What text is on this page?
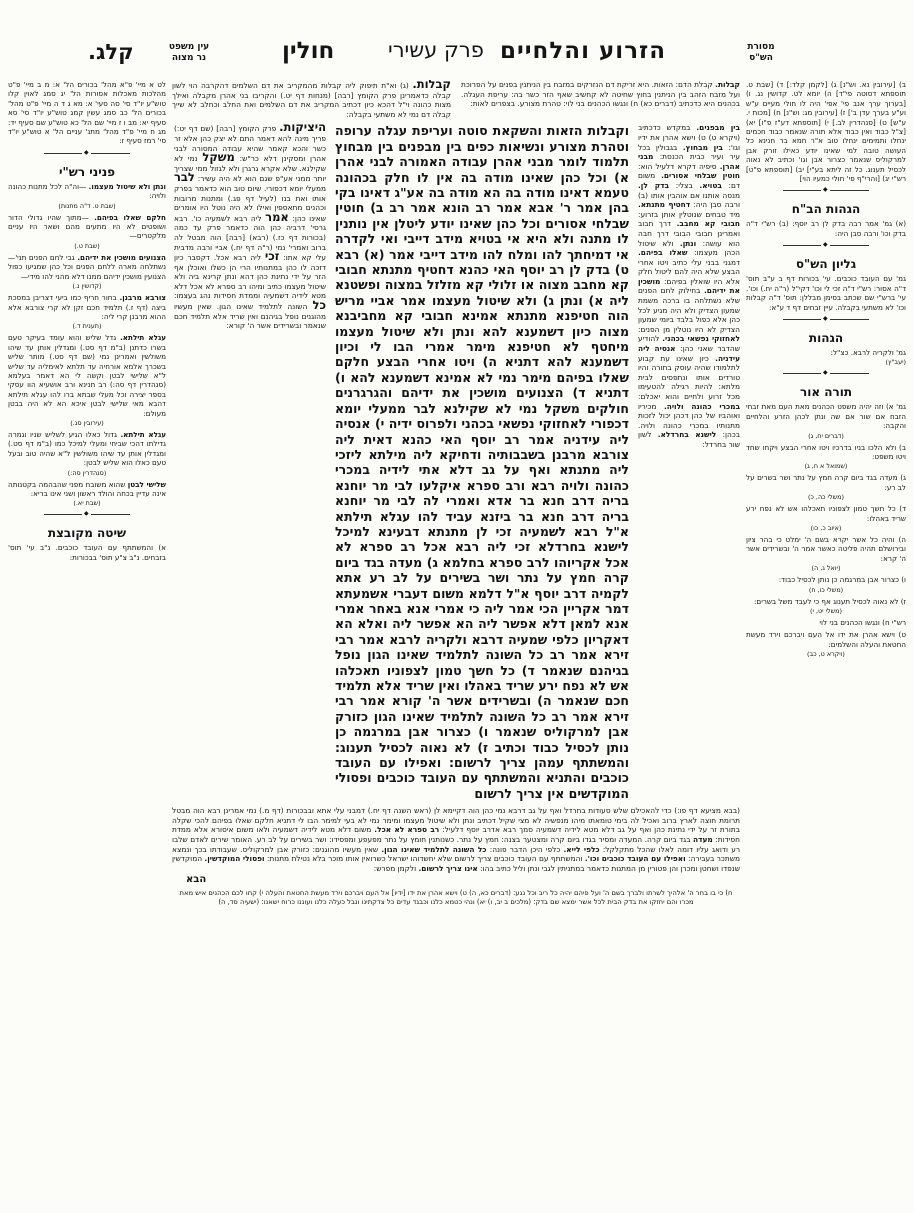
מסורת
הש"ס
הזרוע והלחיים
פרק עשירי
חולין
קלג.	עין משפט
נר מצוה
ב) [עירובין נא. וש"נ] ג) [לקמן קלד:] ד) [שבת ט. תוספתא דסוטה פי"ד] ה) יומא לט. קדושין נג. ו) [בערוך ערך אנב פי' אפי' היה לו חולי מעיים ע"ש וע"ע בערך עדן ב'] ז) [עירובין מג: וש"נ] ח) [מכות י. ע"ש] ט) [סנהדרין לב.] י) [תוספתא דע"ז פ"ו] יא) [צ"ל כבוד ואין כבוד אלא תורה שנאמר כבוד חכמים ינחלו ותמימים ינחלו טוב א"ר חמא בר חנינא כל העושה טובה למי שאינו יודע כאילו זורק אבן למרקוליס שנאמר כצרור אבן וגו' וכתיב לא נאוה לכסיל תענוג. כל זה ליתא בע"י] יב) [תוספתא פ"ט] רש"י יג) [והרי"ף פי' חולי כמעיו הוי]
◆
הגהות הב"ח
(א) גמ' אמר רבה בדק לן רב יוסף: (ב) רש"י ד"ה בדק וכו' ורבה סבן היה:
◆
גליון הש"ס
גמ' עם העובד כוכבים. עי' בכורות דף ב ע"ב תוס' ד"ה אסור: רש"י ד"ה זכי לי וכו' דקי"ל (ר"ה יח.) וכו'. עי' ברש"י שם שכתב בסימן מבללן: תוס' ד"ה קבלות וכו' לא משתעי בקבלה. עיין זבחים דף ד ע"א:
◆
הגהות
גמ' ולקריה לרבא. כצ"ל:
(יעב"ץ)
◆
תורה אור
גמ' א) וזה יהיה משפט הכהנים מאת העם מאת זבחי הזבח אם שור אם שה ונתן לכהן הזרע והלחיים והקבה:
(דברים יח, ג)
ב) ולא הלכו בניו בדרכיו ויטו אחרי הבצע ויקחו שחד ויטו משפט:
(שמואל א ח, ג)
ג) מעדה בגד ביום קרה חמץ על נתר ושר בשרים על לב רע:
(משלי כה, כ)
ד) כל חשך טמון לצפוניו תאכלהו אש לא נפח ירע שריד באהלו:
(איוב כ, כו)
ה) והיה כל אשר יקרא בשם ה' ימלט כי בהר ציון ובירושלם תהיה פליטה כאשר אמר ה' ובשרידים אשר ה' קרא:
(יואל ג, ה)
ו) כצרור אבן במרגמה כן נותן לכסיל כבוד:
(משלי כו, ח)
ז) לא נאוה לכסיל תענוג אף כי לעבד משל בשרים:
(משלי יט, י)
רש"י ח) ונגשו הכהנים בני לוי
ט) וישא אהרן את ידו אל העם ויברכם וירד מעשת החטאת והעלה והשלמים:
(ויקרא ט, כב)
לט א מיי' פ"א מהל' בכורים הל' א: מ ב מיי' פ"ט מהלכות מאכלות אסורות הל' יג סמג לאוין קלו טוש"ע יו"ד סי' סה סעי' א: מא ג ד ה מיי' פ"ט מהל' בכורים הל' כב סמג עשין קמג טוש"ע יו"ד סי' סא סעיף יא: מב ו ז מיי' שם הל' כא טוש"ע שם סעיף יד: מג ח מיי' פ"ד מהל' מתנ' עניים הל' א טוש"ע יו"ד סי' רמז סעיף ז:
◆
פניני רש"י
ונתן ולא שיטול מעצמו. —וה"ה לכל מתנות כהונה ולויה:
(שבת ט. ד"ה מתנות)
חלקם שאלו בפיהם. —מתוך שהיו גדולי הדור ושופטים לא היו מתעים מהם ושאר היו עניים מלקטרים—
(שבת ט.)
הצנועים מושכין את ידיהם. גבי לחם הפנים תני'— נשתלחה מארה ללחם הפנים וכל כהן שמגיעו כפול הצנועין מושכין ידיהם ממנו דלא מהני להו מידי—
(קדושין נ.)
צורבא מרבנן. בחור חריף כמו ביעי דצריבן במסכת ביצה (דף ז.) תלמיד חכם זקן לא קרי צורבא אלא ההוא מרבנן קרי ליה:
(תענית ד.)
עגלא תילתא. גדל שליש והוא עומד בעיקר טעם בשרו כדתנן (ב"מ דף סט.) ומגדלין אותן עד שיהו משולשין ואמרינן נמי (שם דף סט.) מותר שליש בשכרך אלמא אורחיה עד תלתא לאימליה עד שליש ל"א שלישי לבטן וקשה לי הא דאמר בעלמא (סנהדרין דף סה:) רב חנינא ורב אושעיא הוו עסקי בספר יצירה וכל מעלי שבתא ברו להו עגלא תילתא דהבא מאי שלישי לבטן איכא הא לא היה בבטן מעולם:
(עירובין סג.)
עגלא תילתא. גדול כאלו הגיע לשליש שניו וגמרה גדילתו דהכי שביחי ומעלי למיכל כמו (ב"מ דף סט.) ומגדלין אותן עד שיהו משולשין ל"א שהיה טוב ובעל טעם כאלו הוא שליש לבטן:
(סנהדרין סה:)
שלישי לבטן שהוא משובח מפני שהבהמה בקטנותה אינה עדיין בכחה והולד ראשון ושני אינו בריא:
(שבת יא.)
◆
שיטה מקובצת
א) והמשתתף עם העובד כוכבים. נ"ב עי' תוס' בזבחים. נ"ב צ"ע תוס' בבכורות:
קבלות. קבלת הדם: הזאות. היא זריקת דם הנזרקים במזבח בין הניתנין בפנים על הפרוכת ועל מזבח הזהב בין הניתנין בחוץ שחיטה לא קחשיב שאף הזר כשר בה: עריפת העגלה. בכהנים היא כדכתיב (דברים כא) ח) ונגשו הכהנים בני לוי: טהרת מצורע. בצפרים לאות:
קבלות. (ג) וא"ת תיפוק ליה קבלות מהמקריב את דם השלמים דהקרבה הוי לשון קבלה כדאמרינן פרק הקומץ [רבה] (מנחות דף יט.) והקריבו בני אהרן מקבלה ואילך מצות כהונה וי"ל דהכא כיון דכתיב המקריב את דם השלמים ואת החלב וכחלב לא שייך קבלה דם נמי לא משתעי בקבלה:
בין מבפנים. במקדש כדכתיב (ויקרא ט) ט) וישא אהרן את ידיו וגו': בין מבחוץ. בגבולין בכל עיר ועיר כבית הכנסת: מבני אהרן. סיפיה דקרא דלעיל הוא: חוטין שבלחי אסורים. משום דם: בטויא. בצלי: בדק לן. מנסה אותנו אם אוהבין אותו (ב) ורבה סבן היה: דחטיף מתנתא. מיד טבחים שנוטלין אותן בזרוע: חבובי קא מחבב. דרך חבוב ואמרינן חבובי הבובי דרך חבה הוא עושה: ונתן. ולא שיטול הכהן מעצמו: שאלו בפיהם. דמגני בבני עלי כתיב ויטו אחרי הבצע שלא היה להם ליטול חלק אלא היו שואלין בפיהם: מושכין את ידיהם. בחילוק לחם הפנים שלא נשתלחה בו ברכה משמת שמעון הצדיק ולא היה מגיע לכל כהן אלא כפול בלבד ביומי שמעון הצדיק לא היו נוטלין מן הפנים: לאחזוקי נפשאי בכהני. להודיע שהדבר שאני כהן: אנסיה ליה עידניה. כיון שאינו עת קבוע לתלמודו שהיה עוסק בתורה והיו טורדים אותו ונתפסים לבית מלתא: להיות רגילה להטעימו מכל זרוע ולחיים והוא יאכלם: במכרי כהונה ולויה. מכיריו ואוהביו של כהן דכהן יכול לזכות מתנותיו במכרי כהונה ולויה. בכהן: לישנא בחרדלא. לשון שור בחרדל:
וקבלות הזאות והשקאת סוטה ועריפת עגלה ערופה וטהרת מצורע ונשיאות כפים בין מבפנים בין מבחוץ תלמוד לומר מבני אהרן עבודה האמורה לבני אהרן א) וכל כהן שאינו מודה בה אין לו חלק בכהונה טעמא דאינו מודה בה הא מודה בה אע"ג דאינו בקי בהן אמר ר' אבא אמר רב הונא אמר רב ב) חוטין שבלחי אסורים וכל כהן שאינו יודע ליטלן אין נותנין לו מתנה ולא היא אי בטויא מידב דייבי ואי לקדרה אי דמיחתך להו ומלח להו מידב דייבי אמר (א) רבא ט) בדק לן רב יוסף האי כהנא דחטיף מתנתא חבובי קא מחבב מצוה או זלולי קא מזלזל במצוה ופשטנא ליה א) ונתן ג) ולא שיטול מעצמו אמר אביי מריש הוה חטיפנא מתנתא אמינא חבובי קא מחביבנא מצוה כיון דשמענא להא ונתן ולא שיטול מעצמו מיחטף לא חטיפנא מימר אמרי הבו לי וכיון דשמענא להא דתניא ה) ויטו אחרי הבצע חלקם שאלו בפיהם מימר נמי לא אמינא דשמענא להא ו) דתניא ד) הצנועים מושכין את ידיהם והגרגרנים חולקים משקל נמי לא שקילנא לבר ממעלי יומא דכפורי לאחזוקי נפשאי בכהני ולפרוס ידיה י) אנסיה ליה עידניה אמר רב יוסף האי כהנא דאית ליה צורבא מרבנן בשבבותיה ודחיקא ליה מילתא ליזכי ליה מתנתא ואף על גב דלא אתי לידיה במכרי כהונה ולויה רבא ורב ספרא איקלעו לבי מר יוחנא בריה דרב חנא בר אדא ואמרי לה לבי מר יוחנא בריה דרב חנא בר ביזנא עביד להו עגלא תילתא א"ל רבא לשמעיה זכי לן מתנתא דבעינא למיכל לישנא בחרדלא זכי ליה רבא אכל רב ספרא לא אכל אקריוהו לרב ספרא בחלמא ג) מעדה בגד ביום קרה חמץ על נתר ושר בשירים על לב רע אתא לקמיה דרב יוסף א"ל דלמא משום דעברי אשמעתא דמר אקריין הכי אמר ליה כי אמרי אנא באחר אמרי אנא למאן דלא אפשר ליה הא אפשר ליה ואלא הא דאקריון כלפי שמעיה דרבא ולקריה לרבא אמר רבי זירא אמר רב כל השונה לתלמיד שאינו הגון נופל בגיהנם שנאמר ד) כל חשך טמון לצפוניו תאכלהו אש לא נפח ירע שריד באהלו ואין שריד אלא תלמיד חכם שנאמר ה) ובשרידים אשר ה' קורא אמר רבי זירא אמר רב כל השונה לתלמיד שאינו הגון כזורק אבן למרקוליס שנאמר ו) כצרור אבן במרגמה כן נותן לכסיל כבוד וכתיב ז) לא נאוה לכסיל תענוג: והמשתתף עמהן צריך לרשום: ואפילו עם העובד כוכבים והתניא והמשתתף עם העובד כוכבים ופסולי המוקדשים אין צריך לרשום
היציקות. פרק הקומץ [רבה] (שם דף יט:) פריך מינה להא דאמר התם לא יצק כהן אלא זר כשר והכא קאמר שהיא עבודה המסורה לבני אהרן ומסקינן דלא כר"ש: משקל נמי לא שקילנא. שלא אקרא גרגרן ולא לגזול ממי שצריך יותר ממני אע"פ שגם הוא לא היה עשיר: לבר ממעלי יומא דכפורי. שיום טוב הוא כדאמר בפרק אותו ואת בנו (לעיל דף פג.) ומתנות מרובות וכהנים מתאספין ואילו לא היה נוטל היו אומרים שאינו כהן: אמר ליה רבא לשמעיה כו'. רבא גרסי' דרביה כהן הוה כדאמר פרק עד כמה (בכורות דף כז.) (רבא) [רבה] הוה מבטל לה ברוב ואמרי' נמי (ר"ה דף יח.) אביי ורבה מדבית עלי קא אתו: זכי ליה רבא אכל. דקסבר כיון דזכה לו כהן במתנותיו הרי הן כשלו ואוכלן אף הזר על ידי נתינת כהן דהא ונתן קרינא ביה ולא שיטול מעצמו כתיב ומיהו רב ספרא לא אכל דלא מטא לידיה דשמעיה וממדת חסידות נהג בעצמו: כל השונה לתלמיד שאינו הגון. שאין מעשיו מהוגנים נופל בגיהנם ואין שריד אלא תלמיד חכם שנאמר ובשרידים אשר ה' קורא:
(בבא מציעא דף פו:) כדי להאכילם שלש סעודות בחרדל ואף על גב דרבא נמי כהן הוה דקיימא לן (ראש השנה דף יח.) דמבני עלי אתא ובבכורות (דף מ.) נמי אמרינן רבא הוה מבטל תרומת חוצה לארץ ברוב ואכיל לה בימי טומאתו מיהו מנפשיה לא מצי שקיל דכתיב ונתן ולא שיטול מעצמו ומימר נמי לא בעי למימר הבו לי דתניא חלקם שאלו בפיהם להכי שקלה בתורת זר על ידי נתינת כהן ואף על גב דלא מטא לידיה דשמעיה סמך רבא אדרב יוסף דלעיל: רב ספרא לא אכל. משום דלא מטא לידיה דשמעיה ולאו משום איסורא אלא ממדת חסידות: מעדה בגד ביום קרה. המעדה ומסיר בגדו ביום קרה ומצטער בצנה: חמץ על נתר. כשנותנין חומץ על נתר מפעפע ומפסידו: ושר בשירים על לב רע. האומר שירים לאדם שלבו רע ודואג עליו דומה לאלו שהכל מתקלקל: כלפי לייא. כלפי היכן הדבר פונה: כל השונה לתלמיד שאינו הגון. שאין מעשיו מהוגנים: כזורק אבן למרקוליס. שעבודתו בכך ונמצא משתכר בעבירה: ואפילו עם העובד כוכבים וכו'. והמשתתף עם העובד כוכבים צריך לרשום שלא יחשדוהו ישראל כשרואין אותו מוכר בלא נטילת מתנות: ופסולי המוקדשין. המוקדשין שנפדו ושחטן ומכרן והן פטורין מן המתנות כדאמר במתניתין לגבי ונתן וליל כתיב בהו: אינו צריך לרשום. ולקמן מפרש:
הבא
ח) כי בו בחר ה' אלהיך לשרתו ולברך בשם ה' ועל פיהם יהיה כל ריב וכל נגע: (דברים כא, ה) ט) וישא אהרן את ידו [ידיו] אל העם ויברכם וירד מעשת החטאת והעלה י) קחו לכם הכהנים איש מאת מכרו והם יחזקו את בדק הבית לכל אשר ימצא שם בדק: (מלכים ב יב, ו) יא) ונהי כטמא כלנו וכבגד עדים כל צדקתינו ונבל כעלה כלנו ועוננו כרוח ישאנו: (ישעיה סד, ה)
